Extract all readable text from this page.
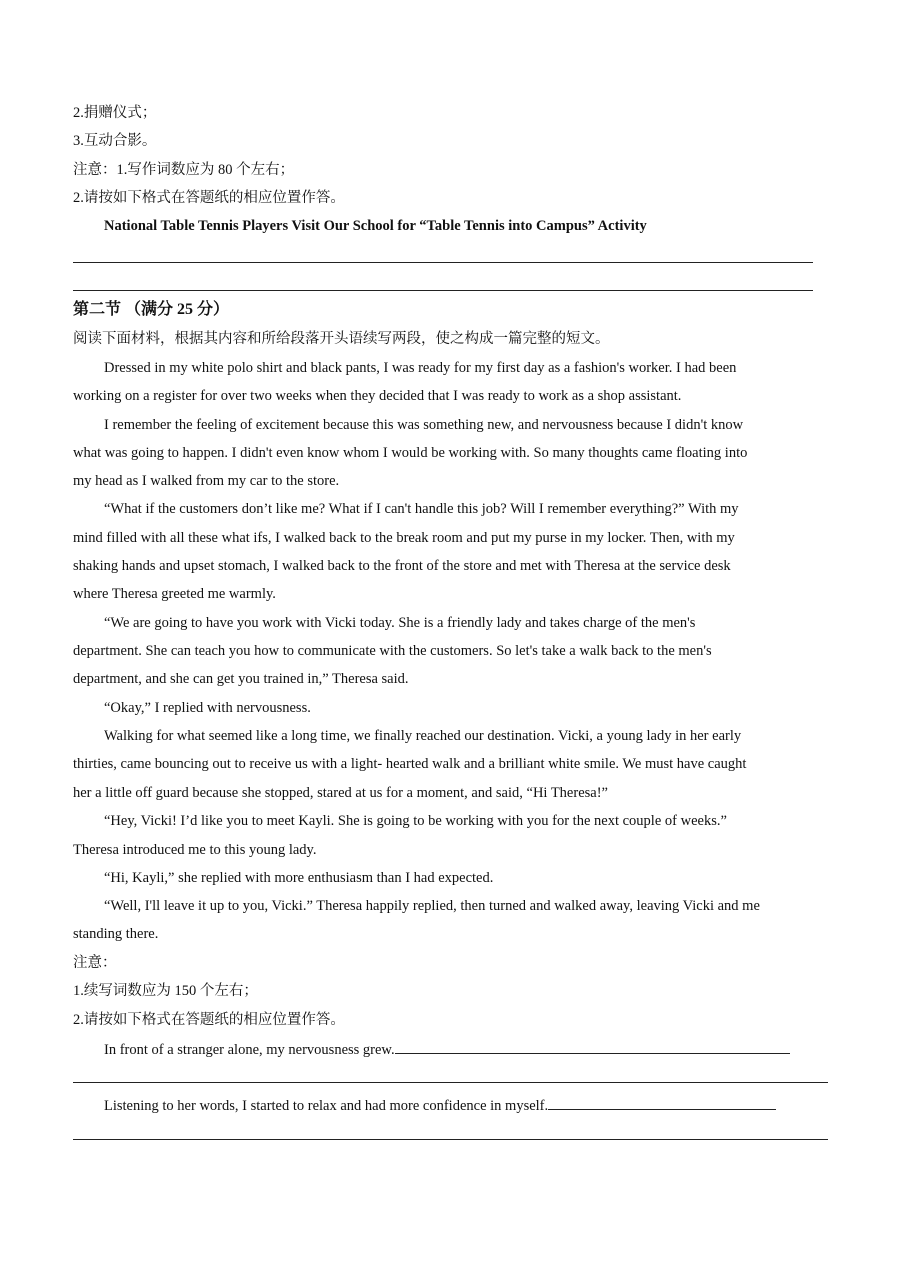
2.捐赠仪式；
3.互动合影。
注意：1.写作词数应为 80 个左右；
2.请按如下格式在答题纸的相应位置作答。
National Table Tennis Players Visit Our School for “Table Tennis into Campus” Activity
第二节 （满分 25 分）
阅读下面材料，根据其内容和所给段落开头语续写两段，使之构成一篇完整的短文。
Dressed in my white polo shirt and black pants, I was ready for my first day as a fashion's worker. I had been
working on a register for over two weeks when they decided that I was ready to work as a shop assistant.
I remember the feeling of excitement because this was something new, and nervousness because I didn't know
what was going to happen. I didn't even know whom I would be working with. So many thoughts came floating into
my head as I walked from my car to the store.
“What if the customers don’t like me? What if I can't handle this job? Will I remember everything?” With my
mind filled with all these what ifs, I walked back to the break room and put my purse in my locker. Then, with my
shaking hands and upset stomach, I walked back to the front of the store and met with Theresa at the service desk
where Theresa greeted me warmly.
“We are going to have you work with Vicki today. She is a friendly lady and takes charge of the men's
department. She can teach you how to communicate with the customers. So let's take a walk back to the men's
department, and she can get you trained in,” Theresa said.
“Okay,” I replied with nervousness.
Walking for what seemed like a long time, we finally reached our destination. Vicki, a young lady in her early
thirties, came bouncing out to receive us with a light- hearted walk and a brilliant white smile. We must have caught
her a little off guard because she stopped, stared at us for a moment, and said, “Hi Theresa!”
“Hey, Vicki! I’d like you to meet Kayli. She is going to be working with you for the next couple of weeks.”
Theresa introduced me to this young lady.
“Hi, Kayli,” she replied with more enthusiasm than I had expected.
“Well, I'll leave it up to you, Vicki.” Theresa happily replied, then turned and walked away, leaving Vicki and me
standing there.
注意：
1.续写词数应为 150 个左右；
2.请按如下格式在答题纸的相应位置作答。
In front of a stranger alone, my nervousness grew.
Listening to her words, I started to relax and had more confidence in myself.
